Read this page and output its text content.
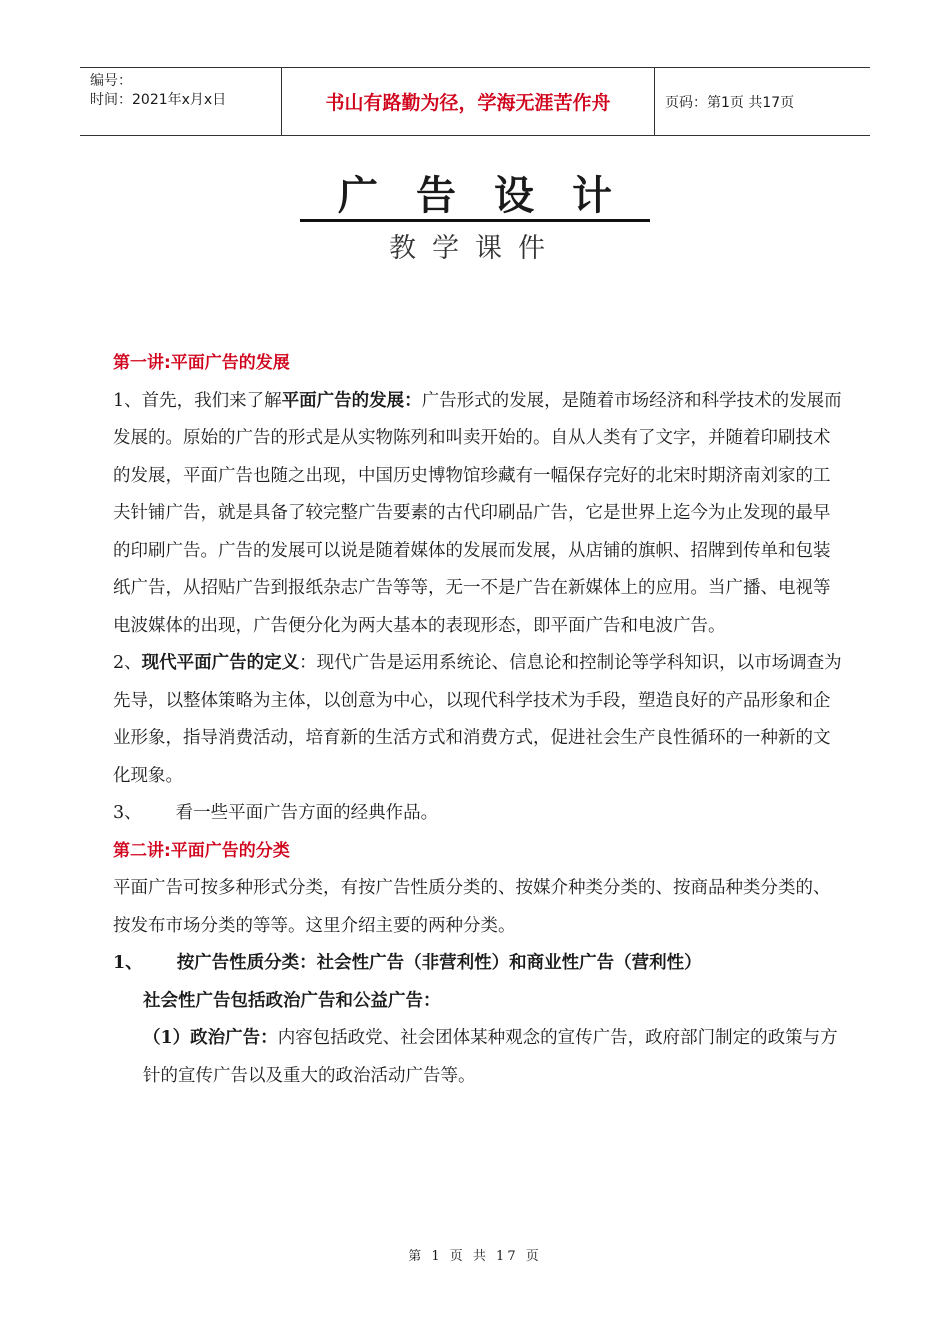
编号：
时间：2021年x月x日	书山有路勤为径，学海无涯苦作舟	页码：第1页 共17页
广告设计
教学课件

第一讲:平面广告的发展

1、首先，我们来了解平面广告的发展：广告形式的发展，是随着市场经济和科学技术的发展而发展的。原始的广告的形式是从实物陈列和叫卖开始的。自从人类有了文字，并随着印刷技术的发展，平面广告也随之出现，中国历史博物馆珍藏有一幅保存完好的北宋时期济南刘家的工夫针铺广告，就是具备了较完整广告要素的古代印刷品广告，它是世界上迄今为止发现的最早的印刷广告。广告的发展可以说是随着媒体的发展而发展，从店铺的旗帜、招牌到传单和包装纸广告，从招贴广告到报纸杂志广告等等，无一不是广告在新媒体上的应用。当广播、电视等电波媒体的出现，广告便分化为两大基本的表现形态，即平面广告和电波广告。

2、现代平面广告的定义：现代广告是运用系统论、信息论和控制论等学科知识，以市场调查为先导，以整体策略为主体，以创意为中心，以现代科学技术为手段，塑造良好的产品形象和企业形象，指导消费活动，培育新的生活方式和消费方式，促进社会生产良性循环的一种新的文化现象。

3、 看一些平面广告方面的经典作品。

第二讲:平面广告的分类

平面广告可按多种形式分类，有按广告性质分类的、按媒介种类分类的、按商品种类分类的、按发布市场分类的等等。这里介绍主要的两种分类。

1、 按广告性质分类：社会性广告（非营利性）和商业性广告（营利性）

社会性广告包括政治广告和公益广告：

（1）政治广告：内容包括政党、社会团体某种观念的宣传广告，政府部门制定的政策与方针的宣传广告以及重大的政治活动广告等。

第 1 页 共 17 页
